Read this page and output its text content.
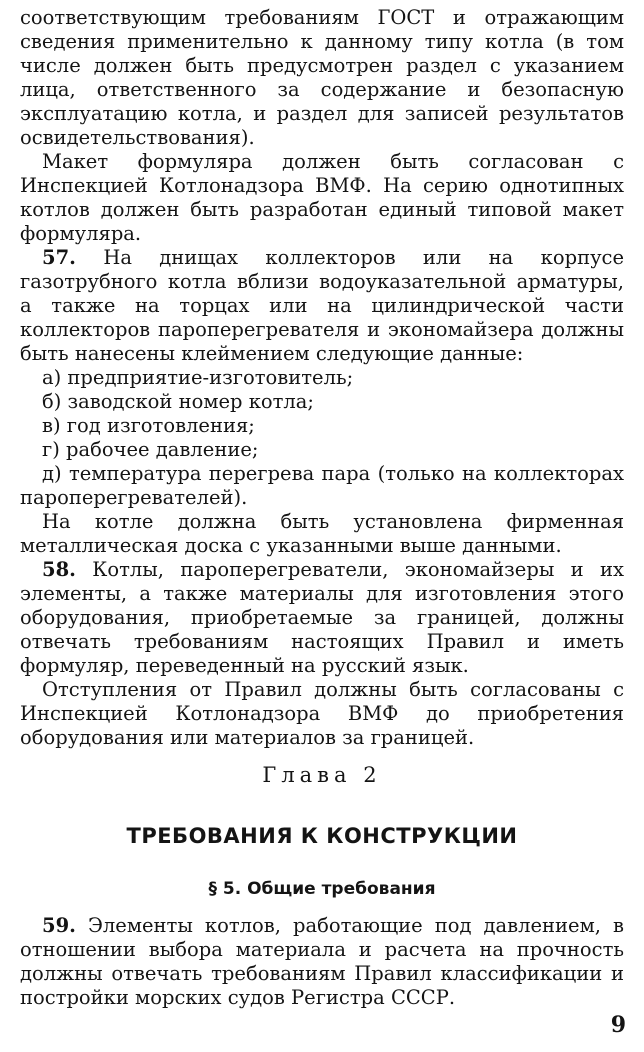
соответствующим требованиям ГОСТ и отражающим сведения применительно к данному типу котла (в том числе должен быть предусмотрен раздел с указанием лица, ответственного за содержание и безопасную эксплуатацию котла, и раздел для записей результатов освидетельствования).

Макет формуляра должен быть согласован с Инспекцией Котлонадзора ВМФ. На серию однотипных котлов должен быть разработан единый типовой макет формуляра.

57. На днищах коллекторов или на корпусе газотрубного котла вблизи водоуказательной арматуры, а также на торцах или на цилиндрической части коллекторов пароперегревателя и экономайзера должны быть нанесены клеймением следующие данные:

а) предприятие-изготовитель;

б) заводской номер котла;

в) год изготовления;

г) рабочее давление;

д) температура перегрева пара (только на коллекторах пароперегревателей).

На котле должна быть установлена фирменная металлическая доска с указанными выше данными.

58. Котлы, пароперегреватели, экономайзеры и их элементы, а также материалы для изготовления этого оборудования, приобретаемые за границей, должны отвечать требованиям настоящих Правил и иметь формуляр, переведенный на русский язык.

Отступления от Правил должны быть согласованы с Инспекцией Котлонадзора ВМФ до приобретения оборудования или материалов за границей.

Глава 2
ТРЕБОВАНИЯ К КОНСТРУКЦИИ
§ 5. Общие требования

59. Элементы котлов, работающие под давлением, в отношении выбора материала и расчета на прочность должны отвечать требованиям Правил классификации и постройки морских судов Регистра СССР.

9
